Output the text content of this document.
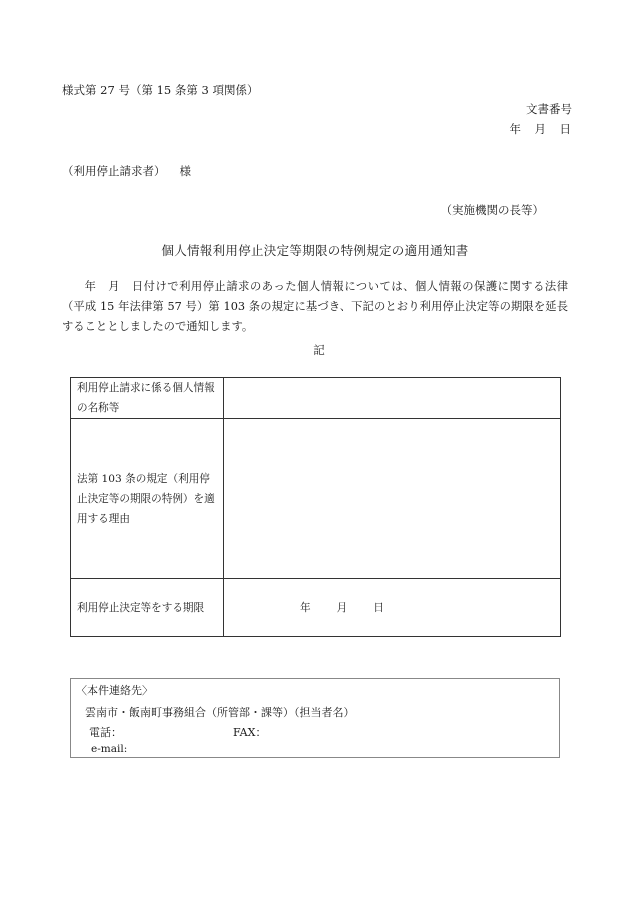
様式第 27 号（第 15 条第 3 項関係）
文書番号
年　月　日
（利用停止請求者） 様
（実施機関の長等）
個人情報利用停止決定等期限の特例規定の適用通知書
年　月　日付けで利用停止請求のあった個人情報については、個人情報の保護に関する法律（平成 15 年法律第 57 号）第 103 条の規定に基づき、下記のとおり利用停止決定等の期限を延長することとしましたので通知します。
記
利用停止請求に係る個人情報の名称等	
法第 103 条の規定（利用停止決定等の期限の特例）を適用する理由	
利用停止決定等をする期限	年 月 日
〈本件連絡先〉
雲南市・飯南町事務組合（所管部・課等）（担当者名）
電話：	FAX：
e-mail:
